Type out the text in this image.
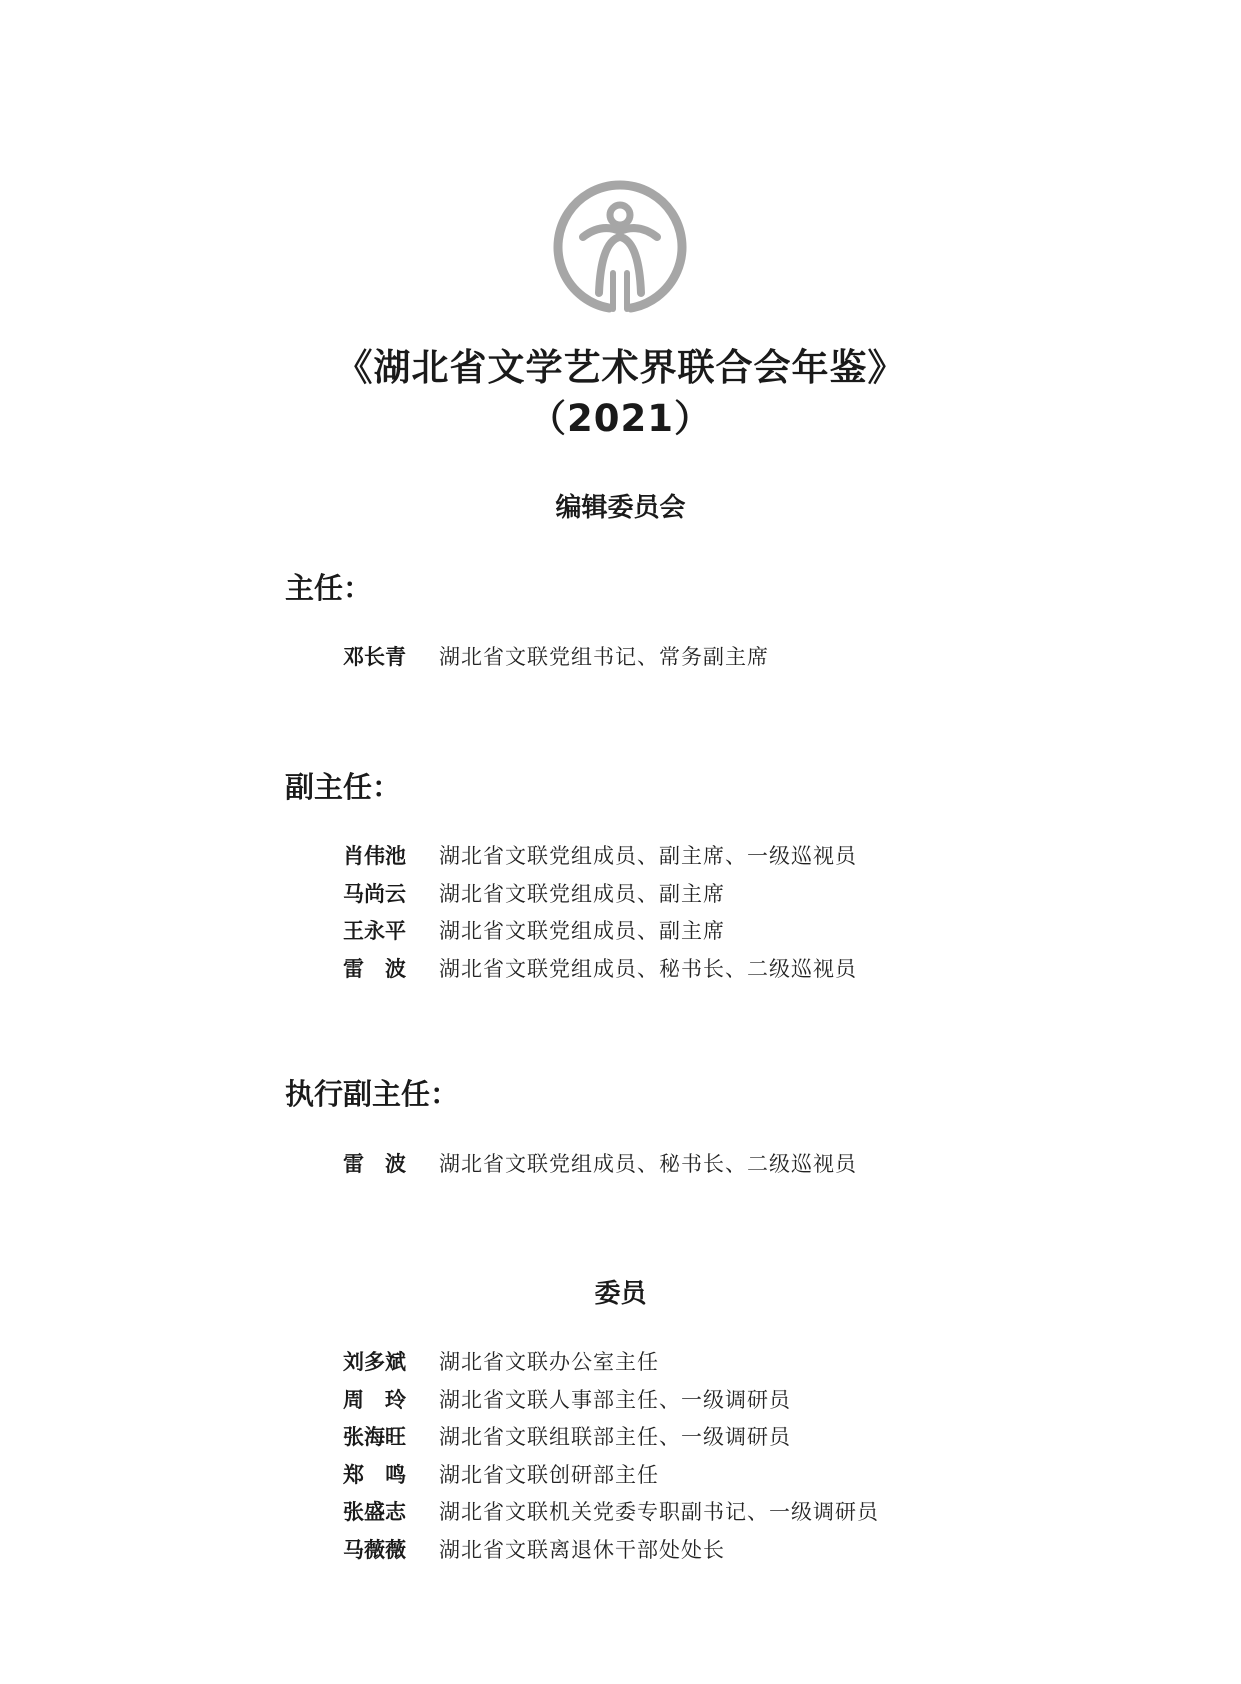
《湖北省文学艺术界联合会年鉴》
（2021）
编辑委员会
主任：
邓长青	湖北省文联党组书记、常务副主席
副主任：
肖伟池	湖北省文联党组成员、副主席、一级巡视员
马尚云	湖北省文联党组成员、副主席
王永平	湖北省文联党组成员、副主席
雷　波	湖北省文联党组成员、秘书长、二级巡视员
执行副主任：
雷　波	湖北省文联党组成员、秘书长、二级巡视员
委员
刘多斌	湖北省文联办公室主任
周　玲	湖北省文联人事部主任、一级调研员
张海旺	湖北省文联组联部主任、一级调研员
郑　鸣	湖北省文联创研部主任
张盛志	湖北省文联机关党委专职副书记、一级调研员
马薇薇	湖北省文联离退休干部处处长
